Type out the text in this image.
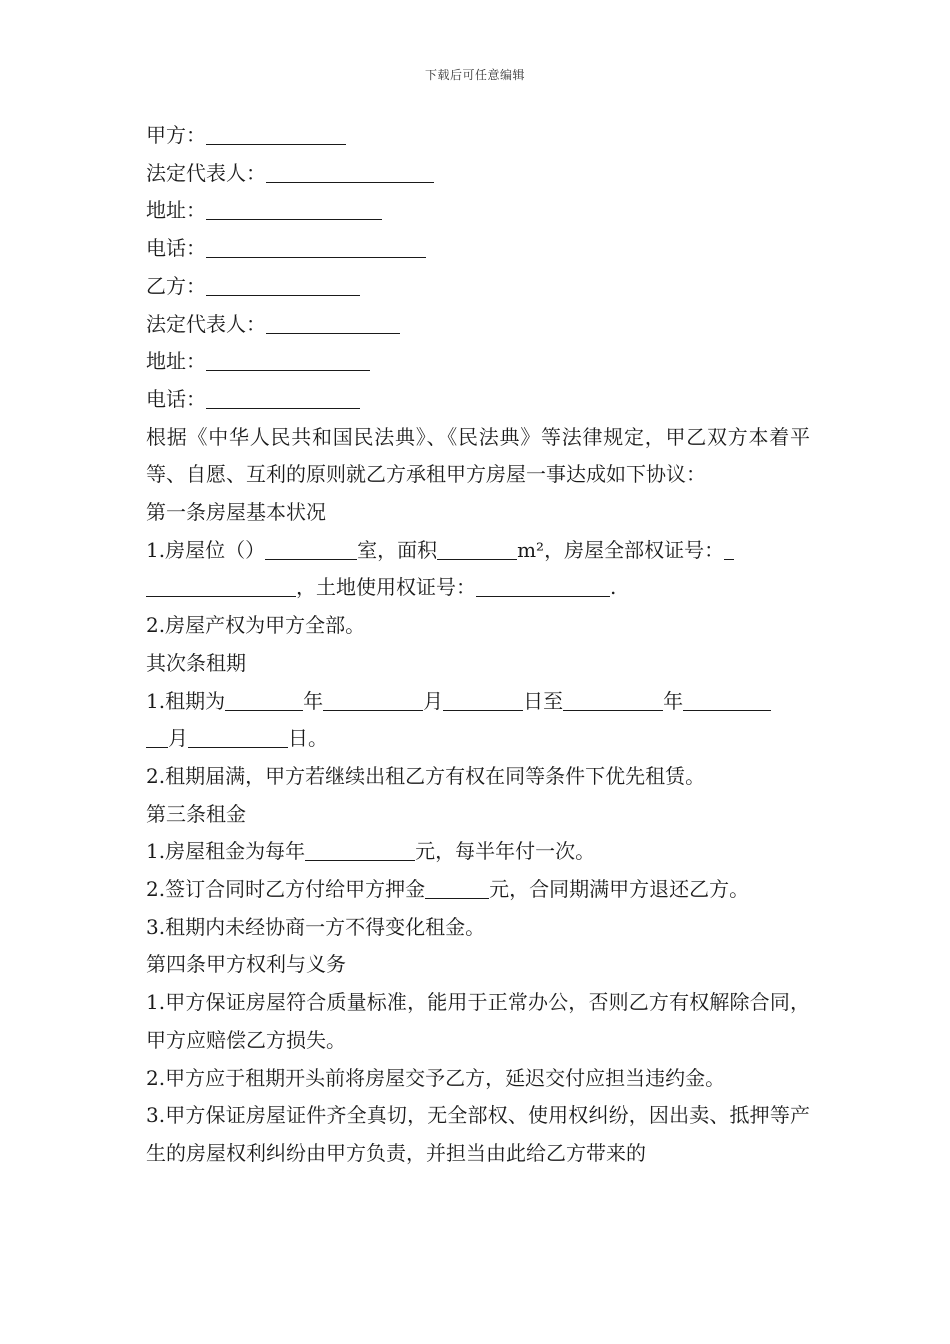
下载后可任意编辑
甲方：
法定代表人：
地址：
电话：
乙方：
法定代表人：
地址：
电话：
根据《中华人民共和国民法典》、《民法典》等法律规定，甲乙双方本着平等、自愿、互利的原则就乙方承租甲方房屋一事达成如下协议：
第一条房屋基本状况
1.房屋位（）	室，面积	m²，房屋全部权证号：
，土地使用权证号：	.
2.房屋产权为甲方全部。
其次条租期
1.租期为	年	月	日至	年
月	日。
2.租期届满，甲方若继续出租乙方有权在同等条件下优先租赁。
第三条租金
1.房屋租金为每年	元，每半年付一次。
2.签订合同时乙方付给甲方押金	元，合同期满甲方退还乙方。
3.租期内未经协商一方不得变化租金。
第四条甲方权利与义务
1.甲方保证房屋符合质量标准，能用于正常办公，否则乙方有权解除合同，甲方应赔偿乙方损失。
2.甲方应于租期开头前将房屋交予乙方，延迟交付应担当违约金。
3.甲方保证房屋证件齐全真切，无全部权、使用权纠纷，因出卖、抵押等产生的房屋权利纠纷由甲方负责，并担当由此给乙方带来的
